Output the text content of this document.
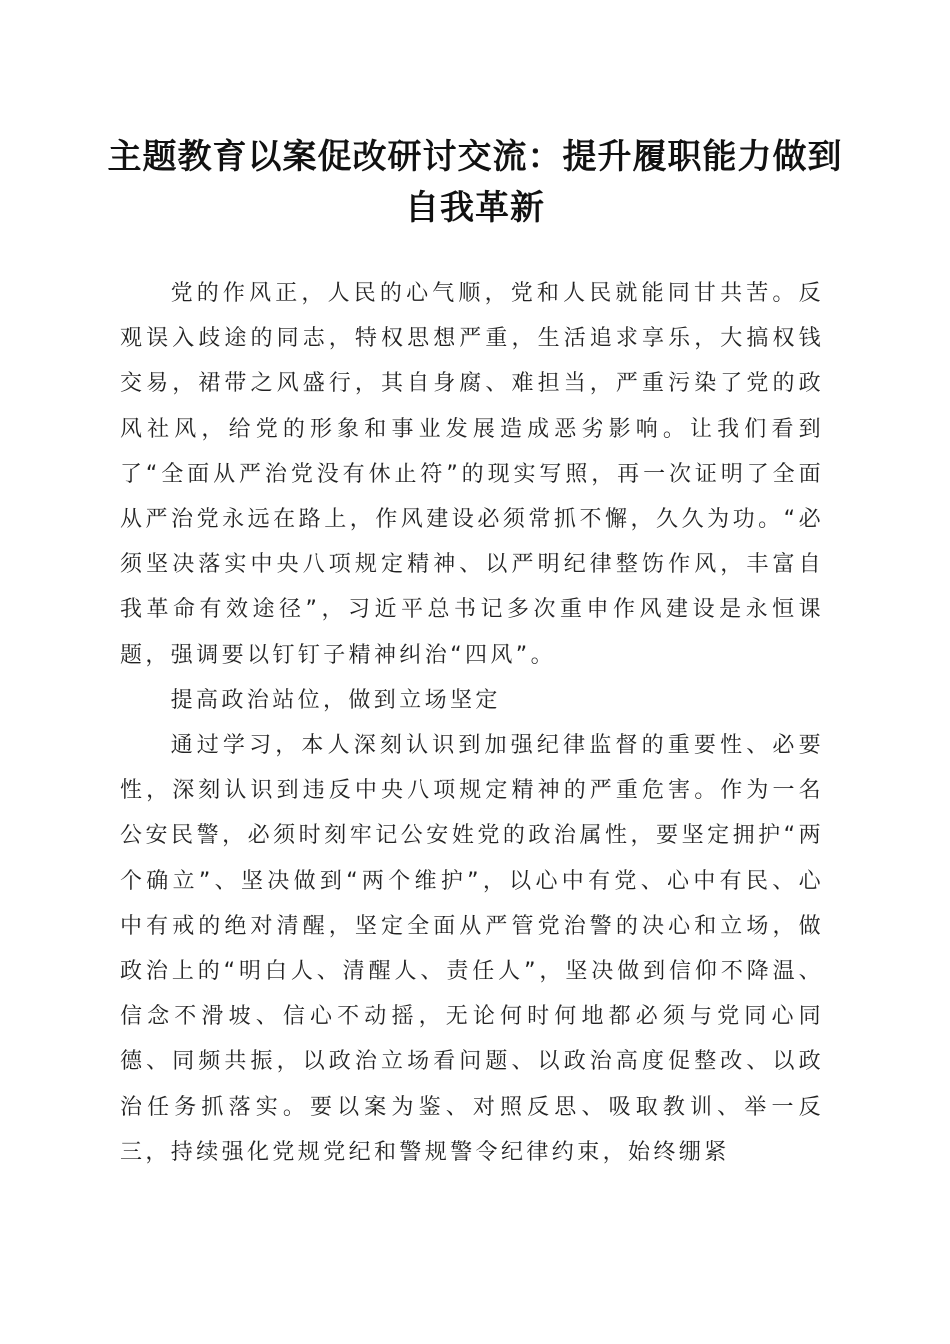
主题教育以案促改研讨交流：提升履职能力做到自我革新

党的作风正，人民的心气顺，党和人民就能同甘共苦。反观误入歧途的同志，特权思想严重，生活追求享乐，大搞权钱交易，裙带之风盛行，其自身腐、难担当，严重污染了党的政风社风，给党的形象和事业发展造成恶劣影响。让我们看到了“全面从严治党没有休止符”的现实写照，再一次证明了全面从严治党永远在路上，作风建设必须常抓不懈，久久为功。“必须坚决落实中央八项规定精神、以严明纪律整饬作风，丰富自我革命有效途径”，习近平总书记多次重申作风建设是永恒课题，强调要以钉钉子精神纠治“四风”。

提高政治站位，做到立场坚定

通过学习，本人深刻认识到加强纪律监督的重要性、必要性，深刻认识到违反中央八项规定精神的严重危害。作为一名公安民警，必须时刻牢记公安姓党的政治属性，要坚定拥护“两个确立”、坚决做到“两个维护”，以心中有党、心中有民、心中有戒的绝对清醒，坚定全面从严管党治警的决心和立场，做政治上的“明白人、清醒人、责任人”，坚决做到信仰不降温、信念不滑坡、信心不动摇，无论何时何地都必须与党同心同德、同频共振，以政治立场看问题、以政治高度促整改、以政治任务抓落实。要以案为鉴、对照反思、吸取教训、举一反三，持续强化党规党纪和警规警令纪律约束，始终绷紧
